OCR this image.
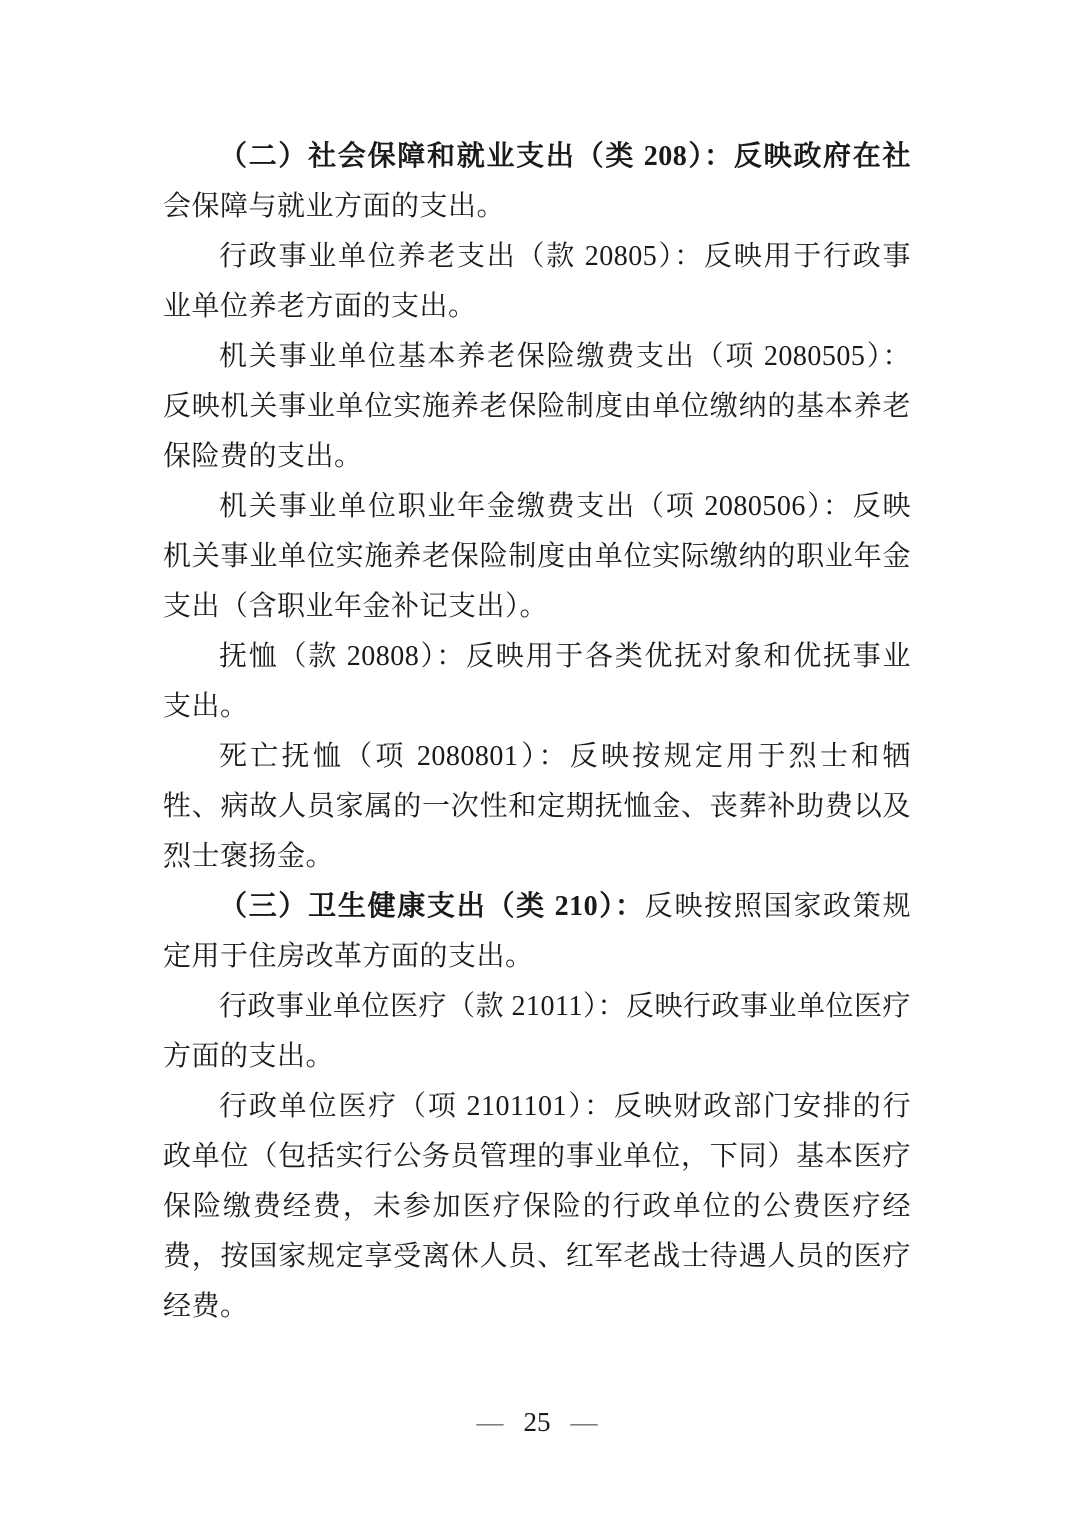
（二）社会保障和就业支出（类 208）：反映政府在社会保障与就业方面的支出。

行政事业单位养老支出（款 20805）：反映用于行政事业单位养老方面的支出。

机关事业单位基本养老保险缴费支出（项 2080505）：反映机关事业单位实施养老保险制度由单位缴纳的基本养老保险费的支出。

机关事业单位职业年金缴费支出（项 2080506）：反映机关事业单位实施养老保险制度由单位实际缴纳的职业年金支出（含职业年金补记支出）。

抚恤（款 20808）：反映用于各类优抚对象和优抚事业支出。

死亡抚恤（项 2080801）：反映按规定用于烈士和牺牲、病故人员家属的一次性和定期抚恤金、丧葬补助费以及烈士褒扬金。

（三）卫生健康支出（类 210）：反映按照国家政策规定用于住房改革方面的支出。

行政事业单位医疗（款 21011）：反映行政事业单位医疗方面的支出。

行政单位医疗（项 2101101）：反映财政部门安排的行政单位（包括实行公务员管理的事业单位，下同）基本医疗保险缴费经费，未参加医疗保险的行政单位的公费医疗经费，按国家规定享受离休人员、红军老战士待遇人员的医疗经费。

— 25 —
